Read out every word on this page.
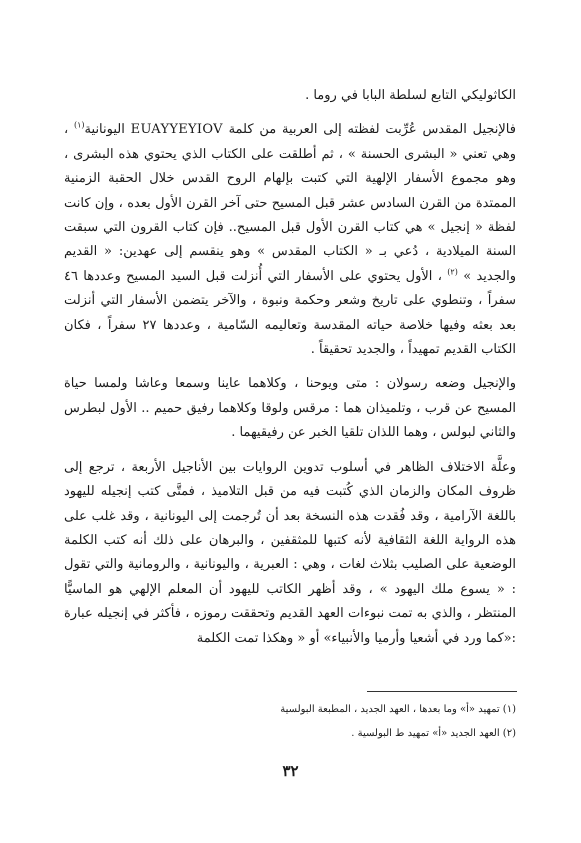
الكاثوليكي التابع لسلطة البابا في روما .

فالإنجيل المقدس عُرِّبت لفظته إلى العربية من كلمة EUAYYEYIOV اليونانية$^{(١)}$ ، وهي تعني « البشرى الحسنة » ، ثم أطلقت على الكتاب الذي يحتوي هذه البشرى ، وهو مجموع الأسفار الإلهية التي كتبت بإلهام الروح القدس خلال الحقبة الزمنية الممتدة من القرن السادس عشر قبل المسيح حتى آخر القرن الأول بعده ، وإن كانت لفظة « إنجيل » هي كتاب القرن الأول قبل المسيح.. فإن كتاب القرون التي سبقت السنة الميلادية ، دُعي بـ « الكتاب المقدس » وهو ينقسم إلى عهدين: « القديم والجديد » $^{(٢)}$ ، الأول يحتوي على الأسفار التي أُنزلت قبل السيد المسيح وعددها ٤٦ سفراً ، وتنطوي على تاريخ وشعر وحكمة ونبوة ، والآخر يتضمن الأسفار التي أنزلت بعد بعثه وفيها خلاصة حياته المقدسة وتعاليمه السّامية ، وعددها ٢٧ سفراً ، فكان الكتاب القديم تمهيداً ، والجديد تحقيقاً .

والإنجيل وضعه رسولان : متى ويوحنا ، وكلاهما عاينا وسمعا وعاشا ولمسا حياة المسيح عن قرب ، وتلميذان هما : مرقس ولوقا وكلاهما رفيق حميم .. الأول لبطرس والثاني لبولس ، وهما اللذان تلقيا الخبر عن رفيقيهما .

وعلَّة الاختلاف الظاهر في أسلوب تدوين الروايات بين الأناجيل الأربعة ، ترجع إلى ظروف المكان والزمان الذي كُتبت فيه من قبل التلاميذ ، فمتَّى كتب إنجيله لليهود باللغة الآرامية ، وقد فُقدت هذه النسخة بعد أن تُرجمت إلى اليونانية ، وقد غلب على هذه الرواية اللغة الثقافية لأنه كتبها للمثقفين ، والبرهان على ذلك أنه كتب الكلمة الوضعية على الصليب بثلاث لغات ، وهي : العبرية ، واليونانية ، والرومانية والتي تقول : « يسوع ملك اليهود » ، وقد أظهر الكاتب لليهود أن المعلم الإلهي هو الماسيًّا المنتظر ، والذي به تمت نبوءات العهد القديم وتحققت رموزه ، فأكثر في إنجيله عبارة :«كما ورد في أشعيا وأرميا والأنبياء» أو « وهكذا تمت الكلمة

(١) تمهيد «أ» وما بعدها ، العهد الجديد ، المطبعة البولسية

(٢) العهد الجديد «أ» تمهيد ط البولسية .

٣٢
